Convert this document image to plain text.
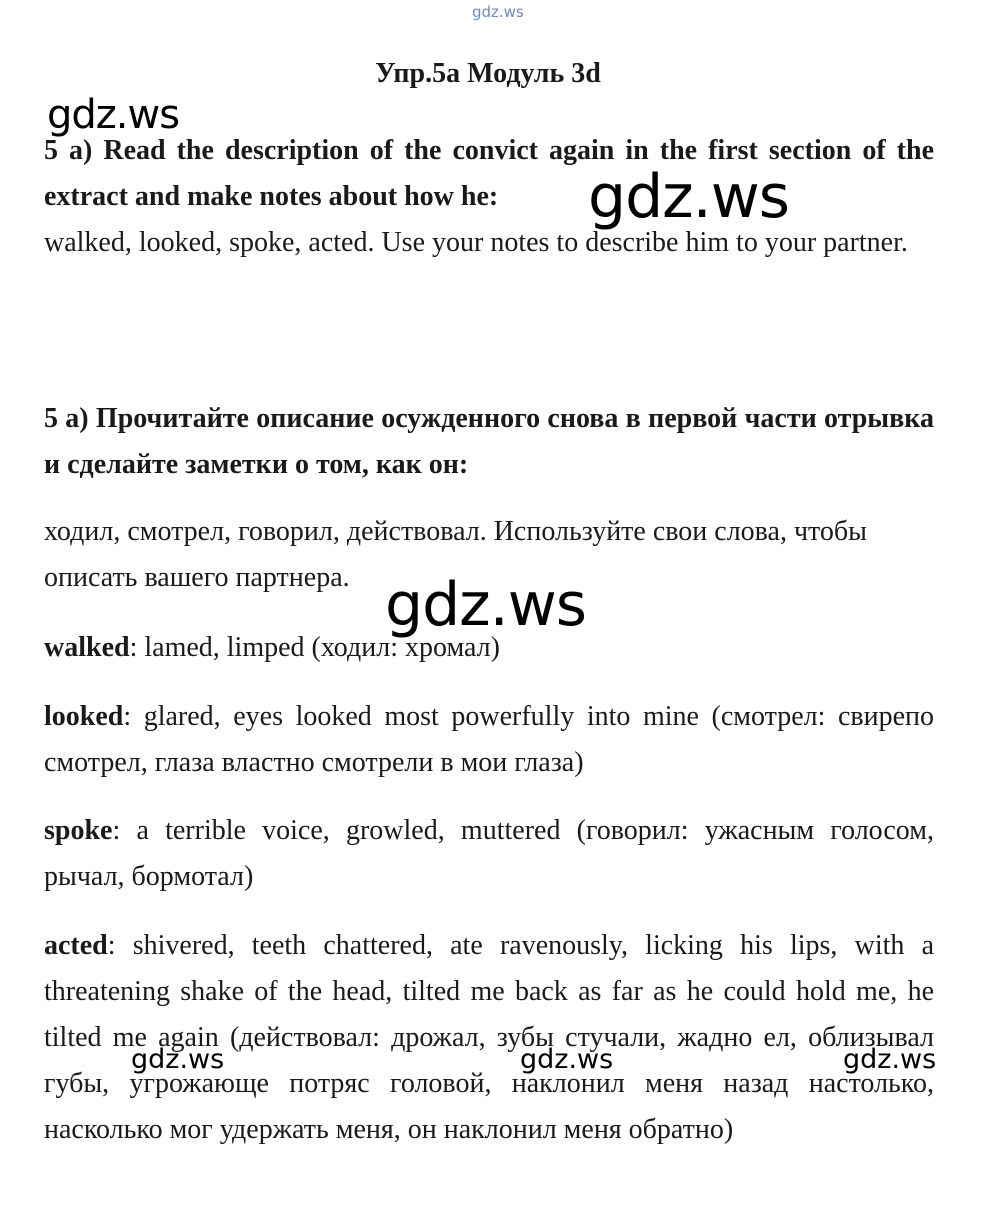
gdz.ws
gdz.ws
gdz.ws
gdz.ws
gdz.ws	gdz.ws	gdz.ws
Упр.5а Модуль 3d
5 a) Read the description of the convict again in the first section of the extract and make notes about how he:
walked, looked, spoke, acted. Use your notes to describe him to your partner.
5 а) Прочитайте описание осужденного снова в первой части отрывка и сделайте заметки о том, как он:
ходил, смотрел, говорил, действовал. Используйте свои слова, чтобы описать вашего партнера.
walked: lamed, limped (ходил: хромал)
looked: glared, eyes looked most powerfully into mine (смотрел: свирепо смотрел, глаза властно смотрели в мои глаза)
spoke: a terrible voice, growled, muttered (говорил: ужасным голосом, рычал, бормотал)
acted: shivered, teeth chattered, ate ravenously, licking his lips, with a threatening shake of the head, tilted me back as far as he could hold me, he tilted me again (действовал: дрожал, зубы стучали, жадно ел, облизывал губы, угрожающе потряс головой, наклонил меня назад настолько, насколько мог удержать меня, он наклонил меня обратно)
